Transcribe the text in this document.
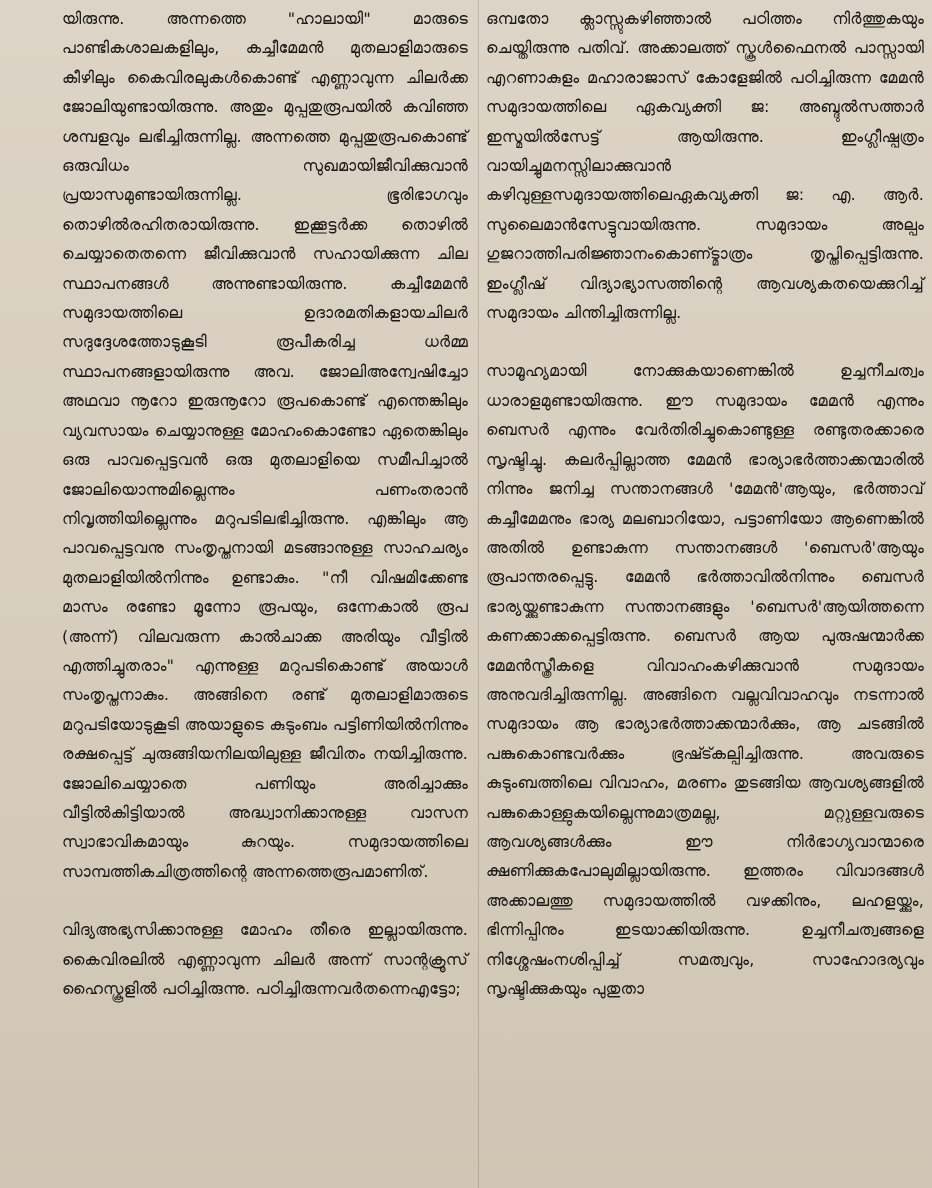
യിരുന്നു. അന്നത്തെ "ഹാലായി" മാരുടെ പാണ്ടികശാലകളിലും, കച്ചീമേമൻ മുതലാളിമാരുടെ കീഴിലും കൈവിരലുകൾകൊണ്ട് എണ്ണാവുന്ന ചിലർക്ക ജോലിയുണ്ടായിരുന്നു. അതും മുപ്പതുരൂപയിൽ കവിഞ്ഞ ശമ്പളവും ലഭിച്ചിരുന്നില്ല. അന്നത്തെ മുപ്പതുരൂപകൊണ്ട് ഒരുവിധം സുഖമായിജീവിക്കുവാൻ പ്രയാസമുണ്ടായിരുന്നില്ല. ഭൂരിഭാഗവും തൊഴിൽരഹിതരായിരുന്നു. ഇക്കൂട്ടർക്ക തൊഴിൽ ചെയ്യാതെതന്നെ ജീവിക്കുവാൻ സഹായിക്കുന്ന ചില സ്ഥാപനങ്ങൾ അന്നുണ്ടായിരുന്നു. കച്ചീമേമൻ സമുദായത്തിലെ ഉദാരമതികളായചിലർ സദുദ്ദേശത്തോടുകൂടി രൂപീകരിച്ച ധർമ്മ സ്ഥാപനങ്ങളായിരുന്നു അവ. ജോലിഅന്വേഷിച്ചോ അഥവാ നൂറോ ഇരുനൂറോ രൂപകൊണ്ട് എന്തെങ്കിലും വ്യവസായം ചെയ്യാനുള്ള മോഹംകൊണ്ടോ ഏതെങ്കിലും ഒരു പാവപ്പെട്ടവൻ ഒരു മുതലാളിയെ സമീപിച്ചാൽ ജോലിയൊന്നുമില്ലെന്നും പണംതരാൻ നിവൃത്തിയില്ലെന്നും മറുപടിലഭിച്ചിരുന്നു. എങ്കിലും ആ പാവപ്പെട്ടവനു സംതൃപ്തനായി മടങ്ങാനുള്ള സാഹചര്യം മുതലാളിയിൽനിന്നും ഉണ്ടാകും. "നീ വിഷമിക്കേണ്ട മാസം രണ്ടോ മൂന്നോ രൂപയും, ഒന്നേകാൽ രൂപ (അന്ന്) വിലവരുന്ന കാൽചാക്ക അരിയും വീട്ടിൽ എത്തിച്ചുതരാം" എന്നുള്ള മറുപടികൊണ്ട് അയാൾ സംതൃപ്തനാകും. അങ്ങിനെ രണ്ട് മുതലാളിമാരുടെ മറുപടിയോടുകൂടി അയാളുടെ കുടുംബം പട്ടിണിയിൽനിന്നും രക്ഷപ്പെട്ട് ചുരുങ്ങിയനിലയിലുള്ള ജീവിതം നയിച്ചിരുന്നു. ജോലിചെയ്യാതെ പണിയും അരിച്ചാക്കും വീട്ടിൽകിട്ടിയാൽ അദ്ധ്വാനിക്കാനുള്ള വാസന സ്വാഭാവികമായും കുറയും. സമുദായത്തിലെ സാമ്പത്തികചിത്രത്തിന്റെ അന്നത്തെരൂപമാണിത്.

വിദ്യഅഭ്യസിക്കാനുള്ള മോഹം തീരെ ഇല്ലായിരുന്നു. കൈവിരലിൽ എണ്ണാവുന്ന ചിലർ അന്ന് സാന്റക്രൂസ് ഹൈസ്കൂളിൽ പഠിച്ചിരുന്നു. പഠിച്ചിരുന്നവർതന്നെഎട്ടോ;

ഒമ്പതോ ക്ലാസ്സുകഴിഞ്ഞാൽ പഠിത്തം നിർത്തുകയും ചെയ്തിരുന്നു പതിവ്. അക്കാലത്ത് സ്കൂൾഫൈനൽ പാസ്സായി എറണാകുളം മഹാരാജാസ് കോളേജിൽ പഠിച്ചിരുന്ന മേമൻ സമുദായത്തിലെ ഏകവ്യക്തി ജ: അബ്ദുൽസത്താർ ഇസ്മയിൽസേട്ട് ആയിരുന്നു. ഇംഗ്ലീഷ്പത്രം വായിച്ചുമനസ്സിലാക്കുവാൻ കഴിവുള്ളസമുദായത്തിലെഏകവ്യക്തി ജ: എ. ആർ. സുലൈമാൻസേട്ടുവായിരുന്നു. സമുദായം അല്പം ഗുജറാത്തിപരിജ്ഞാനംകൊണ്ട്മാത്രം തൃപ്തിപ്പെട്ടിരുന്നു. ഇംഗ്ലീഷ് വിദ്യാഭ്യാസത്തിന്റെ ആവശ്യകതയെക്കുറിച്ച് സമുദായം ചിന്തിച്ചിരുന്നില്ല.

സാമൂഹ്യമായി നോക്കുകയാണെങ്കിൽ ഉച്ചനീചത്വം ധാരാളമുണ്ടായിരുന്നു. ഈ സമുദായം മേമൻ എന്നും ബെസർ എന്നും വേർതിരിച്ചുകൊണ്ടുള്ള രണ്ടുതരക്കാരെ സൃഷ്ടിച്ചു. കലർപ്പില്ലാത്ത മേമൻ ഭാര്യാഭർത്താക്കന്മാരിൽ നിന്നും ജനിച്ച സന്താനങ്ങൾ 'മേമൻ'ആയും, ഭർത്താവ് കച്ചീമേമനും ഭാര്യ മലബാറിയോ, പട്ടാണിയോ ആണെങ്കിൽ അതിൽ ഉണ്ടാകുന്ന സന്താനങ്ങൾ 'ബെസർ'ആയും രൂപാന്തരപ്പെട്ടു. മേമൻ ഭർത്താവിൽനിന്നും ബെസർ ഭാര്യയ്ക്കുണ്ടാകുന്ന സന്താനങ്ങളും 'ബെസർ'ആയിത്തന്നെ കണക്കാക്കപ്പെട്ടിരുന്നു. ബെസർ ആയ പുരുഷന്മാർക്ക മേമൻസ്ത്രീകളെ വിവാഹംകഴിക്കുവാൻ സമുദായം അനുവദിച്ചിരുന്നില്ല. അങ്ങിനെ വല്ലവിവാഹവും നടന്നാൽ സമുദായം ആ ഭാര്യാഭർത്താക്കന്മാർക്കും, ആ ചടങ്ങിൽ പങ്കുകൊണ്ടവർക്കും ഭ്രഷ്ട്കല്പിച്ചിരുന്നു. അവരുടെ കുടുംബത്തിലെ വിവാഹം, മരണം തുടങ്ങിയ ആവശ്യങ്ങളിൽ പങ്കുകൊള്ളുകയില്ലെന്നുമാത്രമല്ല, മറ്റുള്ളവരുടെ ആവശ്യങ്ങൾക്കും ഈ നിർഭാഗ്യവാന്മാരെ ക്ഷണിക്കുകപോലുമില്ലായിരുന്നു. ഇത്തരം വിവാദങ്ങൾ അക്കാലത്തു സമുദായത്തിൽ വഴക്കിനും, ലഹളയ്ക്കും, ഭിന്നിപ്പിനും ഇടയാക്കിയിരുന്നു. ഉച്ചനീചത്വങ്ങളെ നിശ്ശേഷംനശിപ്പിച്ച് സമത്വവും, സാഹോദര്യവും സൃഷ്ടിക്കുകയും പുതുതാ
